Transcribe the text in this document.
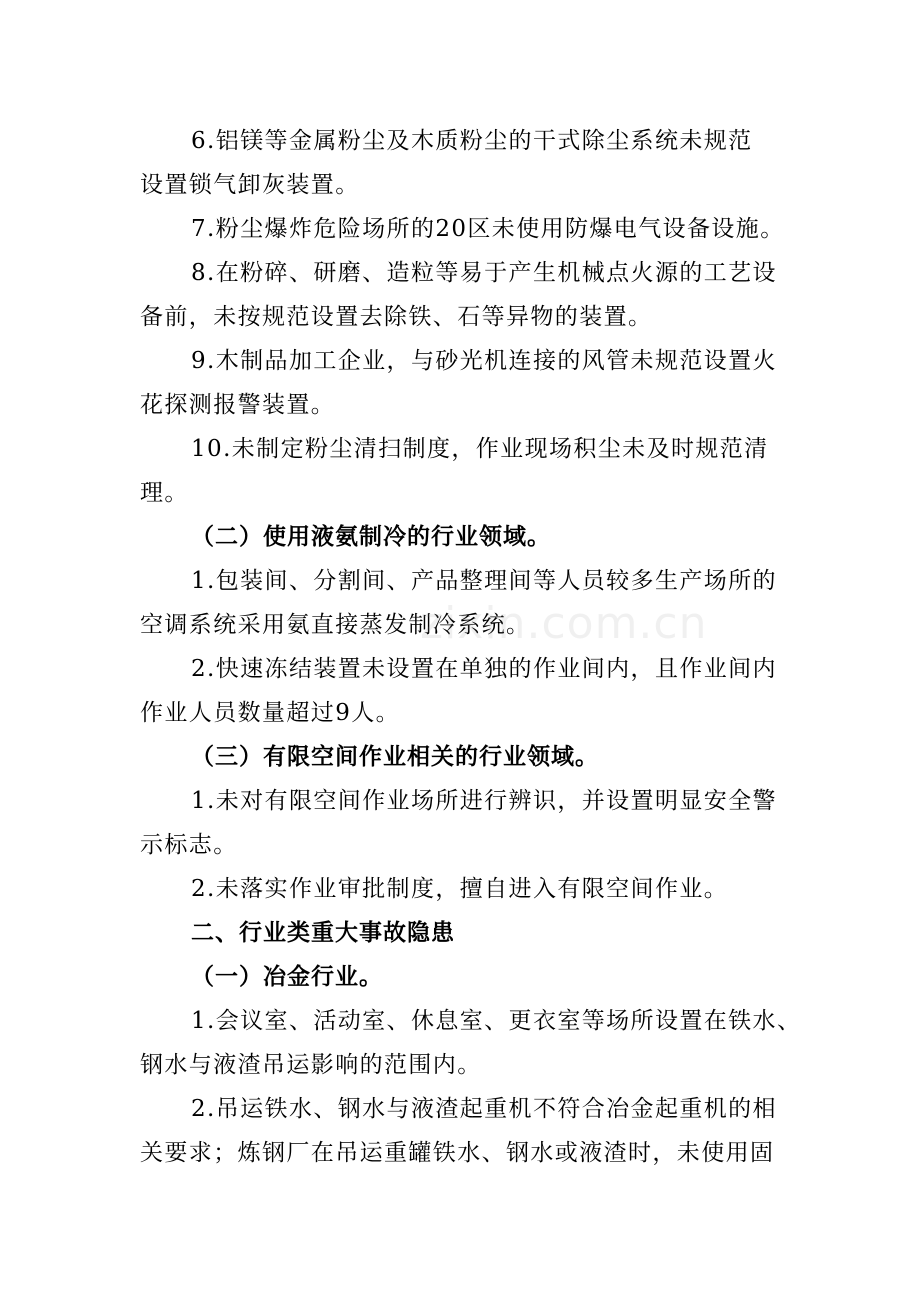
6.铝镁等金属粉尘及木质粉尘的干式除尘系统未规范
设置锁气卸灰装置。
7.粉尘爆炸危险场所的20区未使用防爆电气设备设施。
8.在粉碎、研磨、造粒等易于产生机械点火源的工艺设
备前，未按规范设置去除铁、石等异物的装置。
9.木制品加工企业，与砂光机连接的风管未规范设置火
花探测报警装置。
10.未制定粉尘清扫制度，作业现场积尘未及时规范清
理。
（二）使用液氨制冷的行业领域。
1.包装间、分割间、产品整理间等人员较多生产场所的
空调系统采用氨直接蒸发制冷系统。
2.快速冻结装置未设置在单独的作业间内，且作业间内
作业人员数量超过9人。
（三）有限空间作业相关的行业领域。
1.未对有限空间作业场所进行辨识，并设置明显安全警
示标志。
2.未落实作业审批制度，擅自进入有限空间作业。
二、行业类重大事故隐患
（一）冶金行业。
1.会议室、活动室、休息室、更衣室等场所设置在铁水、
钢水与液渣吊运影响的范围内。
2.吊运铁水、钢水与液渣起重机不符合冶金起重机的相
关要求；炼钢厂在吊运重罐铁水、钢水或液渣时，未使用固
zixin.com.cn
